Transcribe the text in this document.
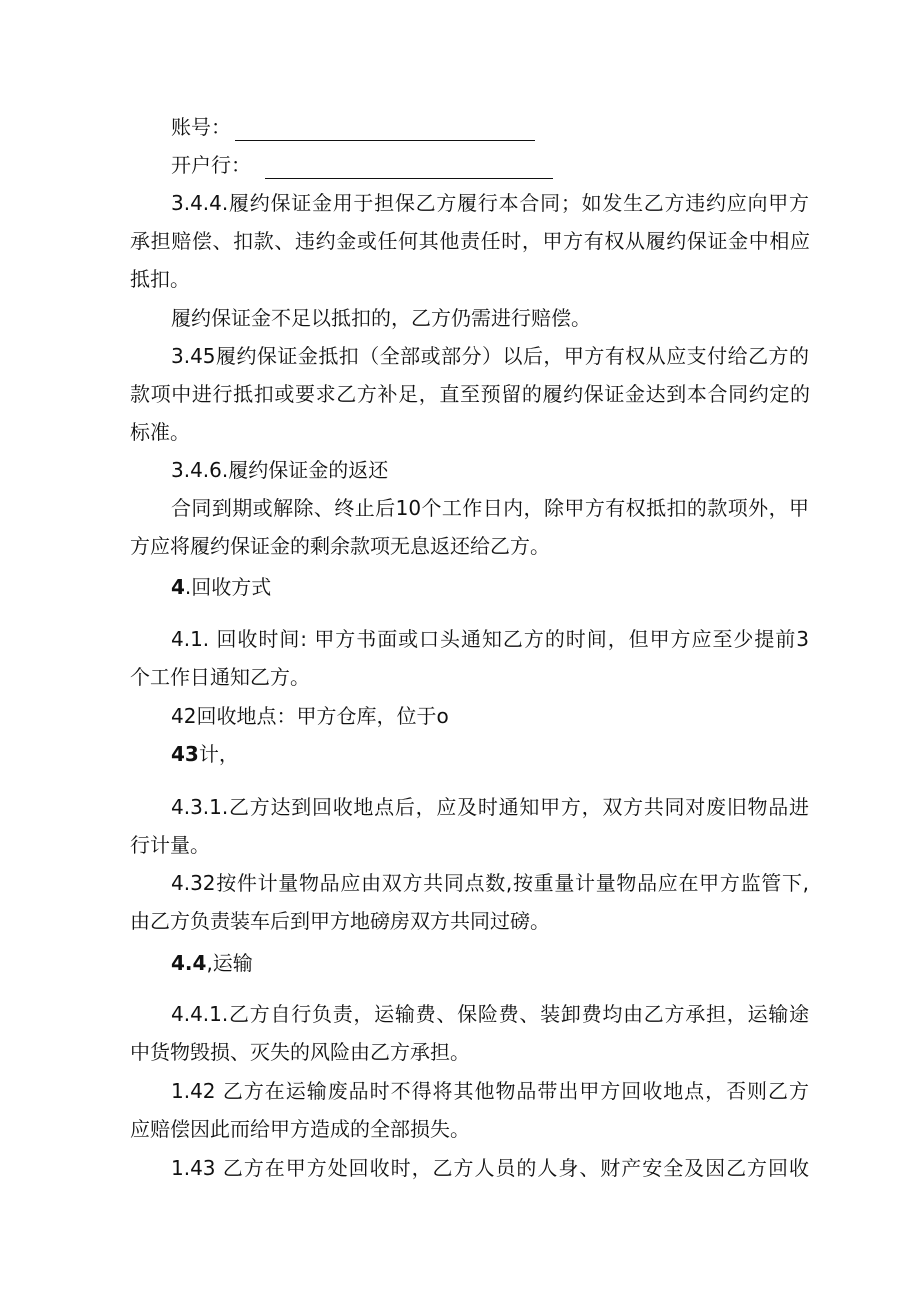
账号：
开户行：
3.4.4.履约保证金用于担保乙方履行本合同；如发生乙方违约应向甲方
承担赔偿、扣款、违约金或任何其他责任时，甲方有权从履约保证金中相应
抵扣。
履约保证金不足以抵扣的，乙方仍需进行赔偿。
3.45履约保证金抵扣（全部或部分）以后，甲方有权从应支付给乙方的
款项中进行抵扣或要求乙方补足，直至预留的履约保证金达到本合同约定的
标准。
3.4.6.履约保证金的返还
合同到期或解除、终止后10个工作日内，除甲方有权抵扣的款项外，甲
方应将履约保证金的剩余款项无息返还给乙方。
4.回收方式
4.1. 回收时间: 甲方书面或口头通知乙方的时间，但甲方应至少提前3
个工作日通知乙方。
42回收地点：甲方仓库，位于o
43计，
4.3.1.乙方达到回收地点后，应及时通知甲方，双方共同对废旧物品进
行计量。
4.32按件计量物品应由双方共同点数,按重量计量物品应在甲方监管下,
由乙方负责装车后到甲方地磅房双方共同过磅。
4.4,运输
4.4.1.乙方自行负责，运输费、保险费、装卸费均由乙方承担，运输途
中货物毁损、灭失的风险由乙方承担。
1.42 乙方在运输废品时不得将其他物品带出甲方回收地点，否则乙方
应赔偿因此而给甲方造成的全部损失。
1.43 乙方在甲方处回收时，乙方人员的人身、财产安全及因乙方回收
